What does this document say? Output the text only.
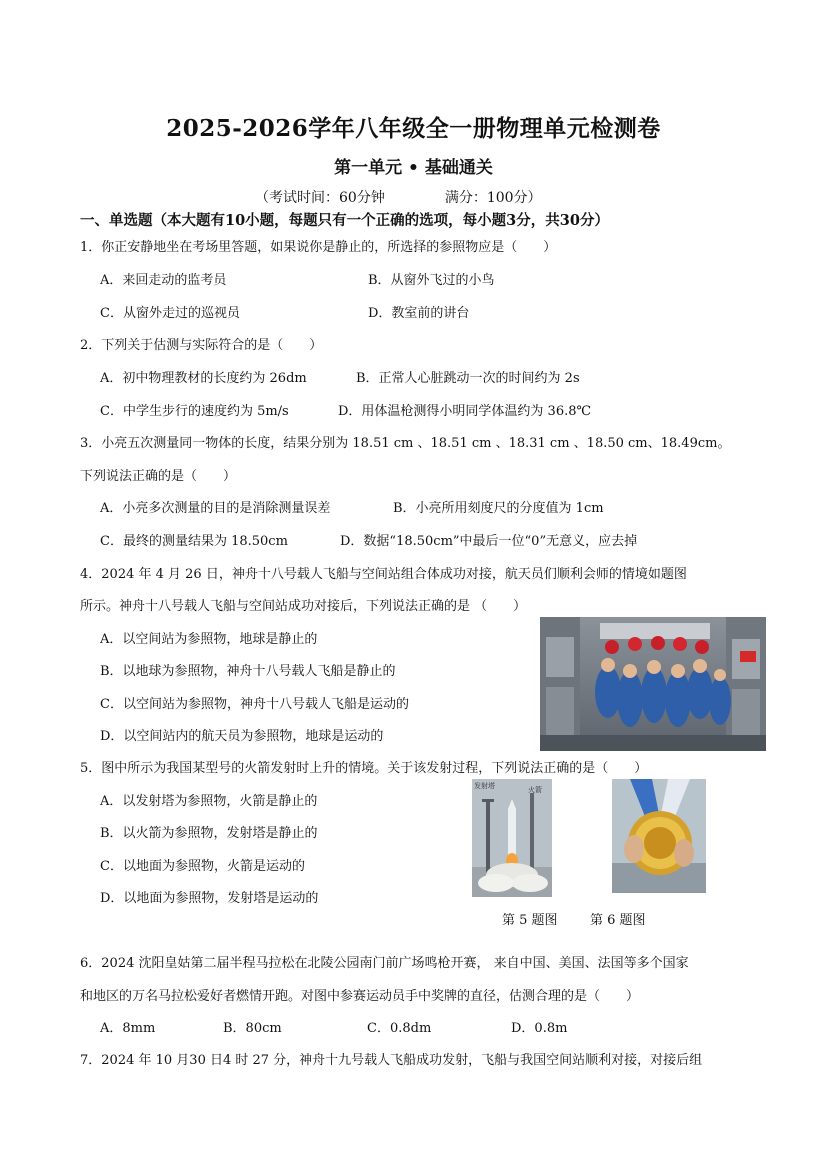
2025-2026学年八年级全一册物理单元检测卷
第一单元 • 基础通关
（考试时间：60分钟	满分：100分）
一、单选题（本大题有10小题，每题只有一个正确的选项，每小题3分，共30分）
1．你正安静地坐在考场里答题，如果说你是静止的，所选择的参照物应是（　　）
A．来回走动的监考员	B．从窗外飞过的小鸟
C．从窗外走过的巡视员	D．教室前的讲台
2．下列关于估测与实际符合的是（　　）
A．初中物理教材的长度约为 26dm	B．正常人心脏跳动一次的时间约为 2s
C．中学生步行的速度约为 5m/s	D．用体温枪测得小明同学体温约为 36.8℃
3．小亮五次测量同一物体的长度，结果分别为 18.51 cm 、18.51 cm 、18.31 cm 、18.50 cm、18.49cm。
下列说法正确的是（　　）
A．小亮多次测量的目的是消除测量误差	B．小亮所用刻度尺的分度值为 1cm
C．最终的测量结果为 18.50cm	D．数据“18.50cm”中最后一位“0”无意义，应去掉
4．2024 年 4 月 26 日，神舟十八号载人飞船与空间站组合体成功对接，航天员们顺利会师的情境如题图
所示。神舟十八号载人飞船与空间站成功对接后，下列说法正确的是 （　　）
A．以空间站为参照物，地球是静止的
B．以地球为参照物，神舟十八号载人飞船是静止的
C．以空间站为参照物，神舟十八号载人飞船是运动的
D．以空间站内的航天员为参照物，地球是运动的
5．图中所示为我国某型号的火箭发射时上升的情境。关于该发射过程，下列说法正确的是（　　）
A．以发射塔为参照物，火箭是静止的
B．以火箭为参照物，发射塔是静止的
C．以地面为参照物，火箭是运动的
D．以地面为参照物，发射塔是运动的
发射塔	火箭
第 5 题图 第 6 题图
6．2024 沈阳皇姑第二届半程马拉松在北陵公园南门前广场鸣枪开赛， 来自中国、美国、法国等多个国家
和地区的万名马拉松爱好者燃情开跑。对图中参赛运动员手中奖牌的直径，估测合理的是（　　）
A．8mm	B．80cm	C．0.8dm	D．0.8m
7．2024 年 10 月30 日4 时 27 分，神舟十九号载人飞船成功发射，飞船与我国空间站顺利对接，对接后组
